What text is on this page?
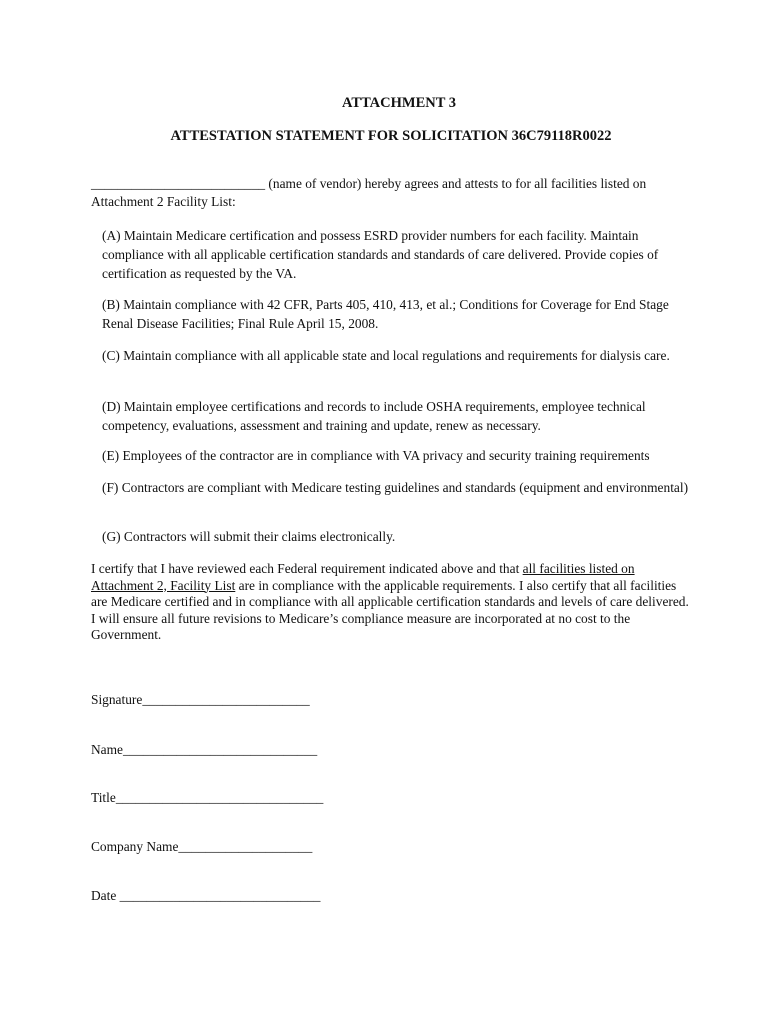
ATTACHMENT 3
ATTESTATION STATEMENT FOR SOLICITATION 36C79118R0022

__________________________ (name of vendor) hereby agrees and attests to for all facilities listed on Attachment 2 Facility List:

(A) Maintain Medicare certification and possess ESRD provider numbers for each facility. Maintain compliance with all applicable certification standards and standards of care delivered. Provide copies of certification as requested by the VA.

(B) Maintain compliance with 42 CFR, Parts 405, 410, 413, et al.; Conditions for Coverage for End Stage Renal Disease Facilities; Final Rule April 15, 2008.

(C) Maintain compliance with all applicable state and local regulations and requirements for dialysis care.

(D) Maintain employee certifications and records to include OSHA requirements, employee technical competency, evaluations, assessment and training and update, renew as necessary.

(E) Employees of the contractor are in compliance with VA privacy and security training requirements

(F) Contractors are compliant with Medicare testing guidelines and standards (equipment and environmental)

(G) Contractors will submit their claims electronically.

I certify that I have reviewed each Federal requirement indicated above and that all facilities listed on Attachment 2, Facility List are in compliance with the applicable requirements. I also certify that all facilities are Medicare certified and in compliance with all applicable certification standards and levels of care delivered. I will ensure all future revisions to Medicare’s compliance measure are incorporated at no cost to the Government.

Signature_________________________

Name_____________________________

Title_______________________________

Company Name____________________

Date ______________________________
